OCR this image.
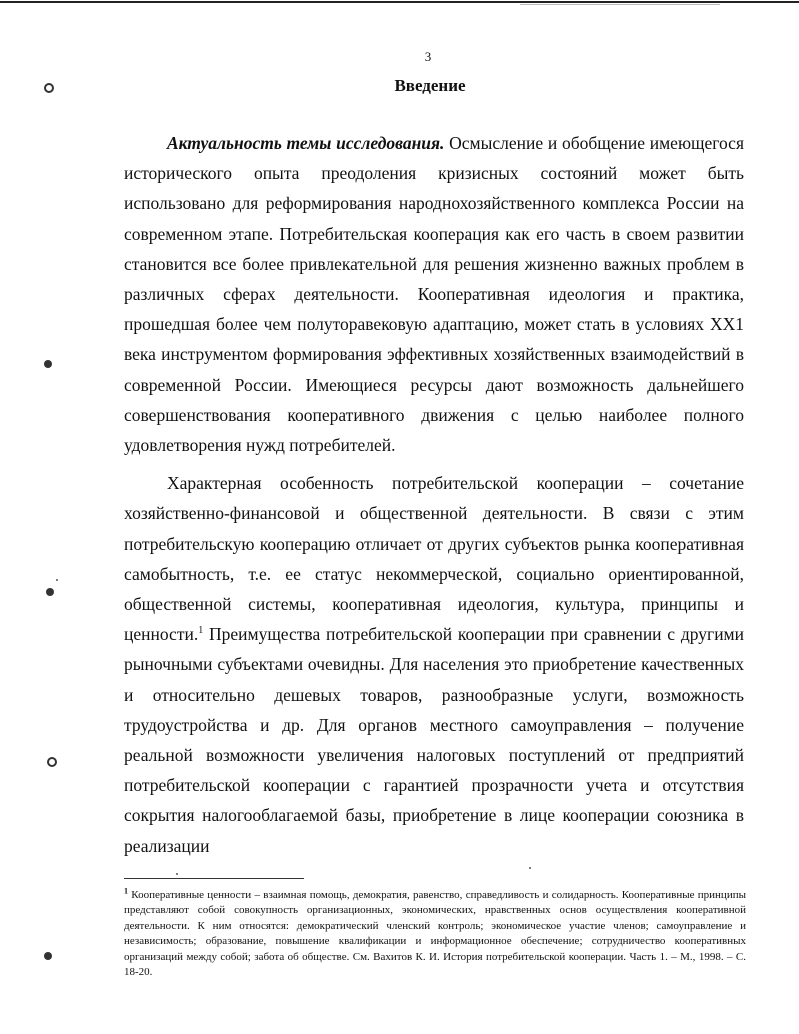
3
Введение

Актуальность темы исследования. Осмысление и обобщение имеющегося исторического опыта преодоления кризисных состояний может быть использовано для реформирования народнохозяйственного комплекса России на современном этапе. Потребительская кооперация как его часть в своем развитии становится все более привлекательной для решения жизненно важных проблем в различных сферах деятельности. Кооперативная идеология и практика, прошедшая более чем полуторавековую адаптацию, может стать в условиях XX1 века инструментом формирования эффективных хозяйственных взаимодействий в современной России. Имеющиеся ресурсы дают возможность дальнейшего совершенствования кооперативного движения с целью наиболее полного удовлетворения нужд потребителей.

Характерная особенность потребительской кооперации – сочетание хозяйственно-финансовой и общественной деятельности. В связи с этим потребительскую кооперацию отличает от других субъектов рынка кооперативная самобытность, т.е. ее статус некоммерческой, социально ориентированной, общественной системы, кооперативная идеология, культура, принципы и ценности.$^1$ Преимущества потребительской кооперации при сравнении с другими рыночными субъектами очевидны. Для населения это приобретение качественных и относительно дешевых товаров, разнообразные услуги, возможность трудоустройства и др. Для органов местного самоуправления – получение реальной возможности увеличения налоговых поступлений от предприятий потребительской кооперации с гарантией прозрачности учета и отсутствия сокрытия налогооблагаемой базы, приобретение в лице кооперации союзника в реализации

$^1$ Кооперативные ценности – взаимная помощь, демократия, равенство, справедливость и солидарность. Кооперативные принципы представляют собой совокупность организационных, экономических, нравственных основ осуществления кооперативной деятельности. К ним относятся: демократический членский контроль; экономическое участие членов; самоуправление и независимость; образование, повышение квалификации и информационное обеспечение; сотрудничество кооперативных организаций между собой; забота об обществе. См. Вахитов К. И. История потребительской кооперации. Часть 1. – М., 1998. – С. 18-20.
